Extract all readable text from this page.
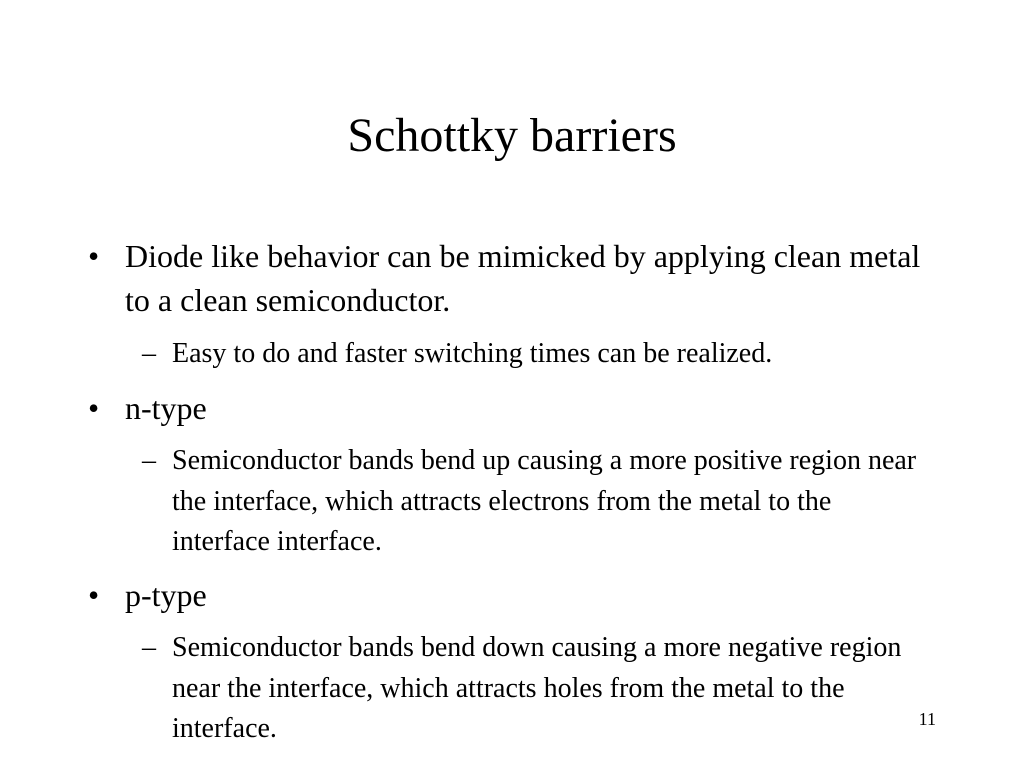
Schottky barriers
• Diode like behavior can be mimicked by applying clean metal to a clean semiconductor.
– Easy to do and faster switching times can be realized.
• n-type
– Semiconductor bands bend up causing a more positive region near the interface, which attracts electrons from the metal to the interface interface.
• p-type
– Semiconductor bands bend down causing a more negative region near the interface, which attracts holes from the metal to the interface.	11
